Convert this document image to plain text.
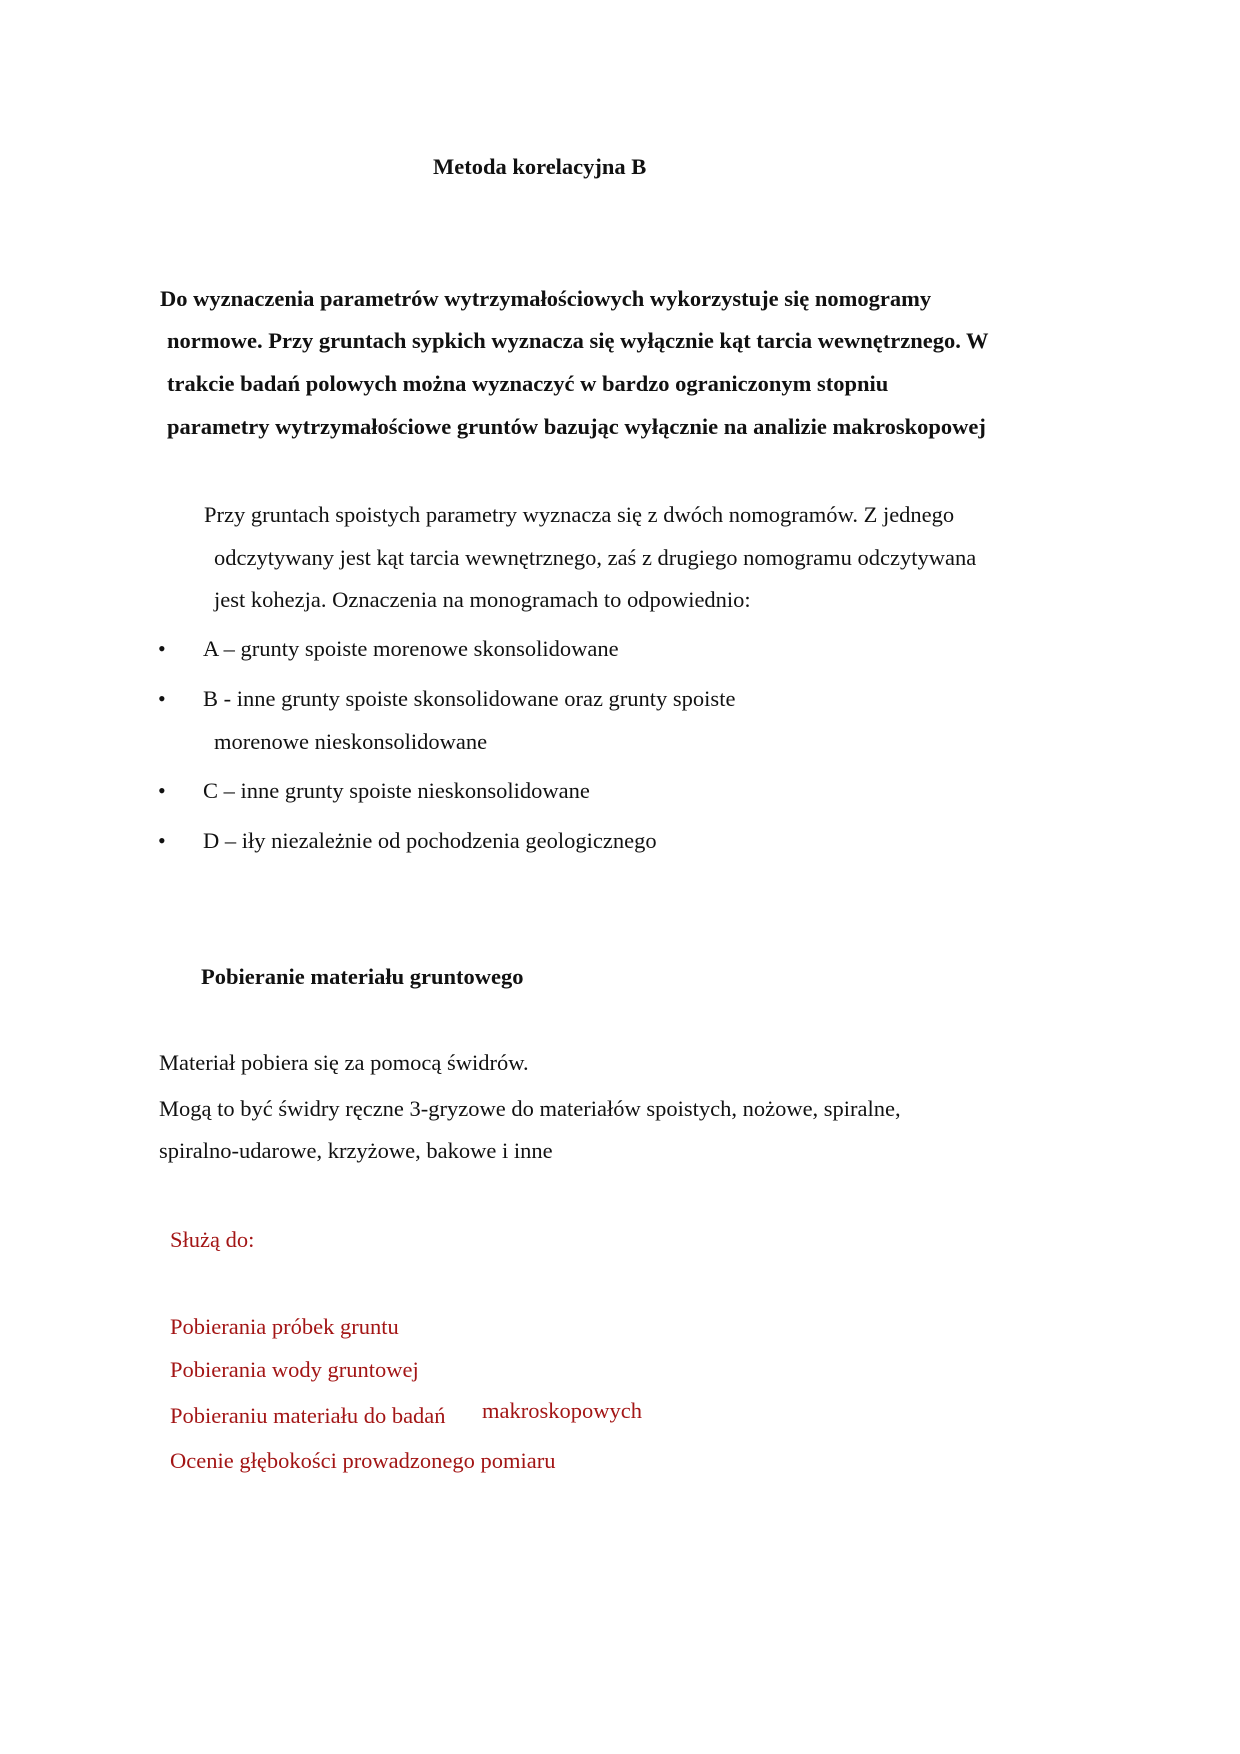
Metoda korelacyjna B
Do wyznaczenia parametrów wytrzymałościowych wykorzystuje się nomogramy
normowe. Przy gruntach sypkich wyznacza się wyłącznie kąt tarcia wewnętrznego. W
trakcie badań polowych można wyznaczyć w bardzo ograniczonym stopniu
parametry wytrzymałościowe gruntów bazując wyłącznie na analizie makroskopowej
Przy gruntach spoistych parametry wyznacza się z dwóch nomogramów. Z jednego
odczytywany jest kąt tarcia wewnętrznego, zaś z drugiego nomogramu odczytywana
jest kohezja. Oznaczenia na monogramach to odpowiednio:
• A – grunty spoiste morenowe skonsolidowane
• B - inne grunty spoiste skonsolidowane oraz grunty spoiste
morenowe nieskonsolidowane
• C – inne grunty spoiste nieskonsolidowane
• D – iły niezależnie od pochodzenia geologicznego
Pobieranie materiału gruntowego
Materiał pobiera się za pomocą świdrów.
Mogą to być świdry ręczne 3-gryzowe do materiałów spoistych, nożowe, spiralne,
spiralno-udarowe, krzyżowe, bakowe i inne
Służą do:
Pobierania próbek gruntu
Pobierania wody gruntowej
Pobieraniu materiału do badań makroskopowych
Ocenie głębokości prowadzonego pomiaru
